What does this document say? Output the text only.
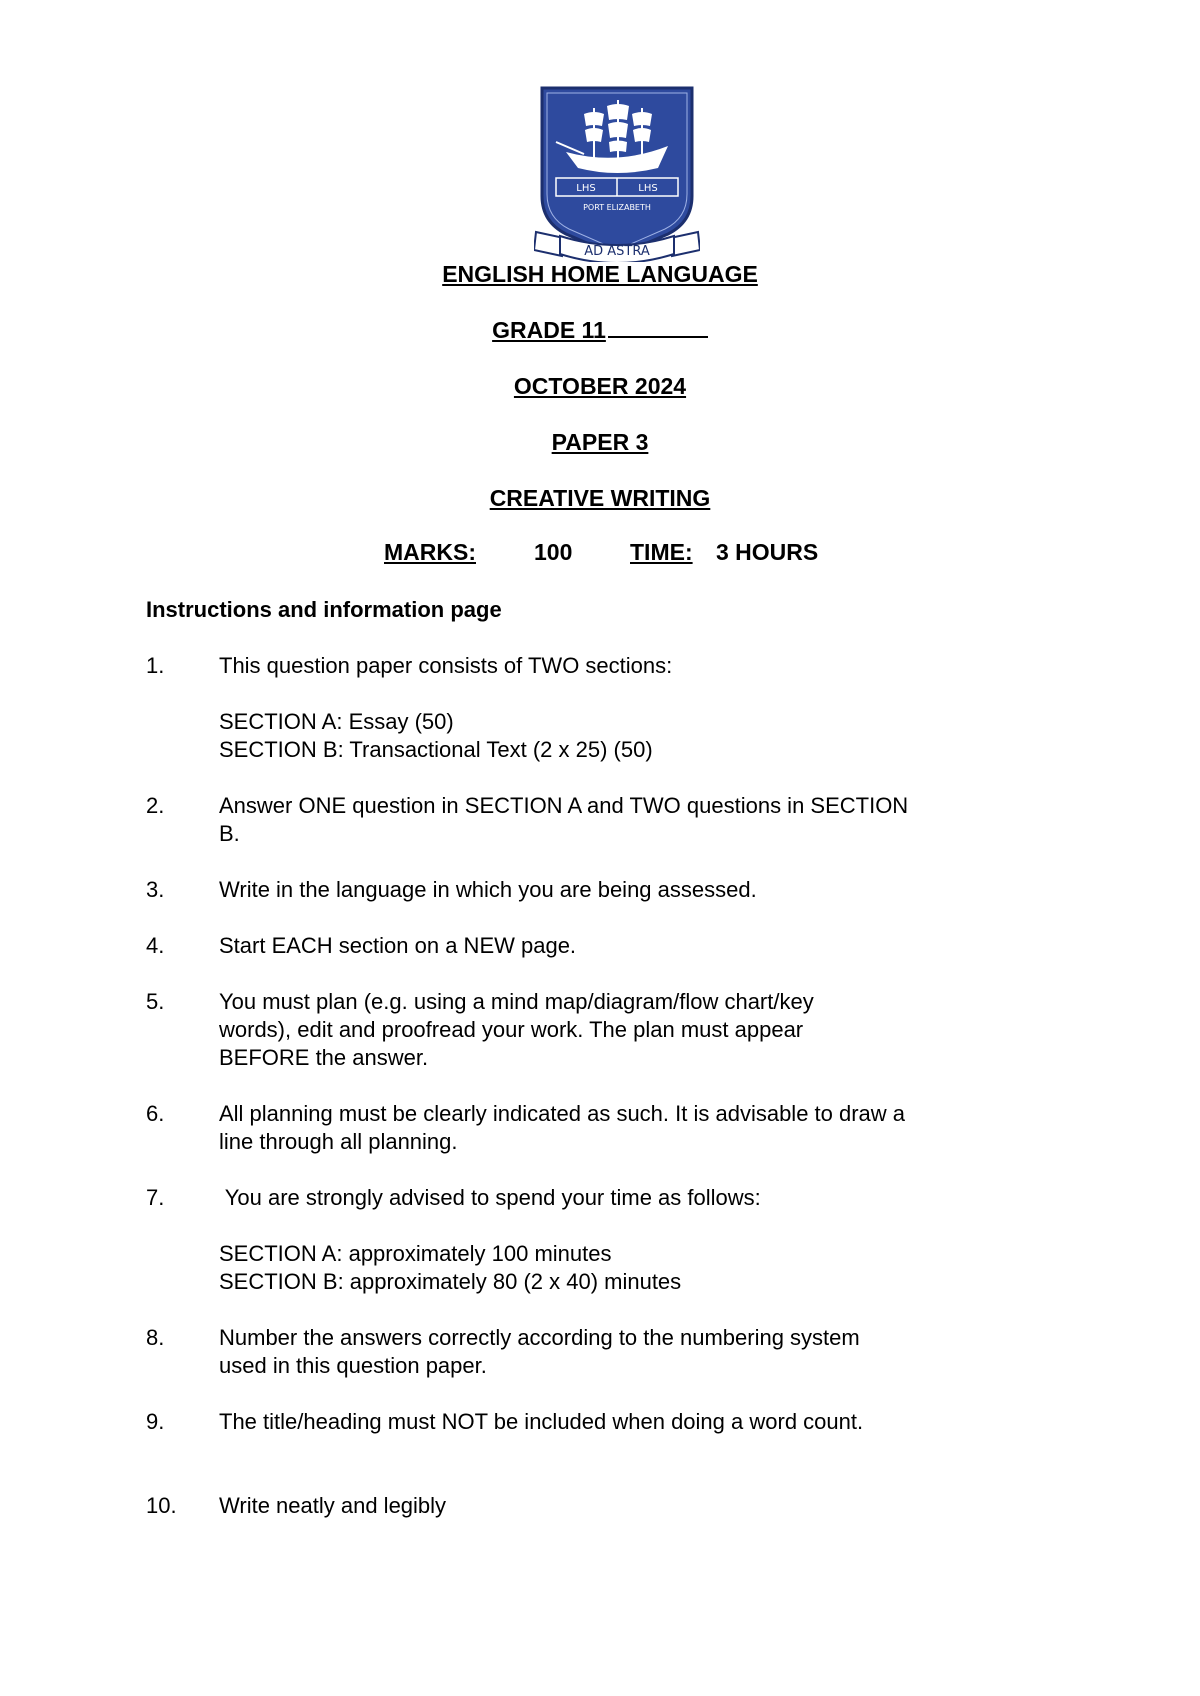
LHS	LHS
PORT ELIZABETH
AD ASTRA
ENGLISH HOME LANGUAGE
GRADE 11
OCTOBER 2024
PAPER 3
CREATIVE WRITING
MARKS:	100	TIME: 3 HOURS
Instructions and information page
1.	This question paper consists of TWO sections:
SECTION A: Essay (50)
SECTION B: Transactional Text (2 x 25) (50)
2.	Answer ONE question in SECTION A and TWO questions in SECTION B.
3.	Write in the language in which you are being assessed.
4.	Start EACH section on a NEW page.
5.	You must plan (e.g. using a mind map/diagram/flow chart/key words), edit and proofread your work. The plan must appear BEFORE the answer.
6.	All planning must be clearly indicated as such. It is advisable to draw a line through all planning.
7.	You are strongly advised to spend your time as follows:
SECTION A: approximately 100 minutes
SECTION B: approximately 80 (2 x 40) minutes
8.	Number the answers correctly according to the numbering system used in this question paper.
9.	The title/heading must NOT be included when doing a word count.
10.	Write neatly and legibly
